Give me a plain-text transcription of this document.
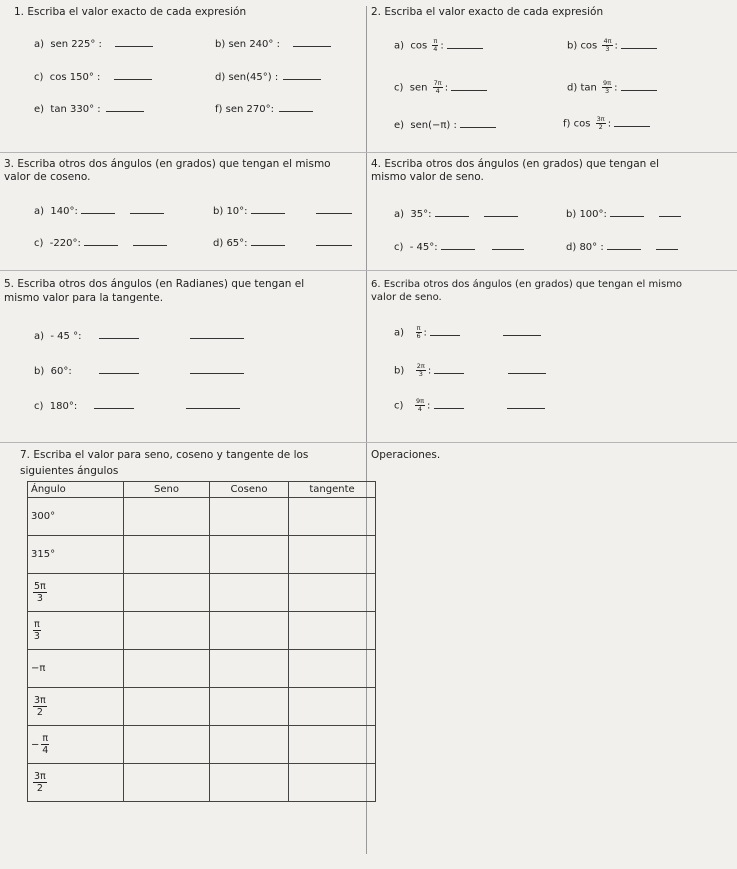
1. Escriba el valor exacto de cada expresión
a) sen 225° :	b) sen 240° :
c) cos 150° :	d) sen(45°) :
e) tan 330° :	f) sen 270°:
2. Escriba el valor exacto de cada expresión
a) $\cos \frac{\pi}{4}$ :	b) $\cos \frac{4\pi}{3}$ :
c) sen $\frac{7\pi}{4}$ :	d) $\tan \frac{9\pi}{3}$ :
e) sen(−π) :	f) $\cos \frac{3\pi}{2}$ :
3. Escriba otros dos ángulos (en grados) que tengan el mismo
valor de coseno.
a) 140°:	b) 10°:
c) -220°:	d) 65°:
4. Escriba otros dos ángulos (en grados) que tengan el
mismo valor de seno.
a) 35°:	b) 100°:
c) - 45°:	d) 80° :
5. Escriba otros dos ángulos (en Radianes) que tengan el
mismo valor para la tangente.
a) - 45 °:
b) 60°:
c) 180°:
6. Escriba otros dos ángulos (en grados) que tengan el mismo
valor de seno.
$a) \frac{\pi}{6}$ :
$b) \frac{2\pi}{3}$ :
$c) \frac{9\pi}{4}$ :
7. Escriba el valor para seno, coseno y tangente de los
siguientes ángulos
Operaciones.
Ángulo	Seno	Coseno	tangente
300°			
315°			

$\frac{5\pi}{3}$

$\frac{\pi}{3}$

−π			

$\frac{3\pi}{2}$

− $\frac{\pi}{4}$

$\frac{3\pi}{2}$
